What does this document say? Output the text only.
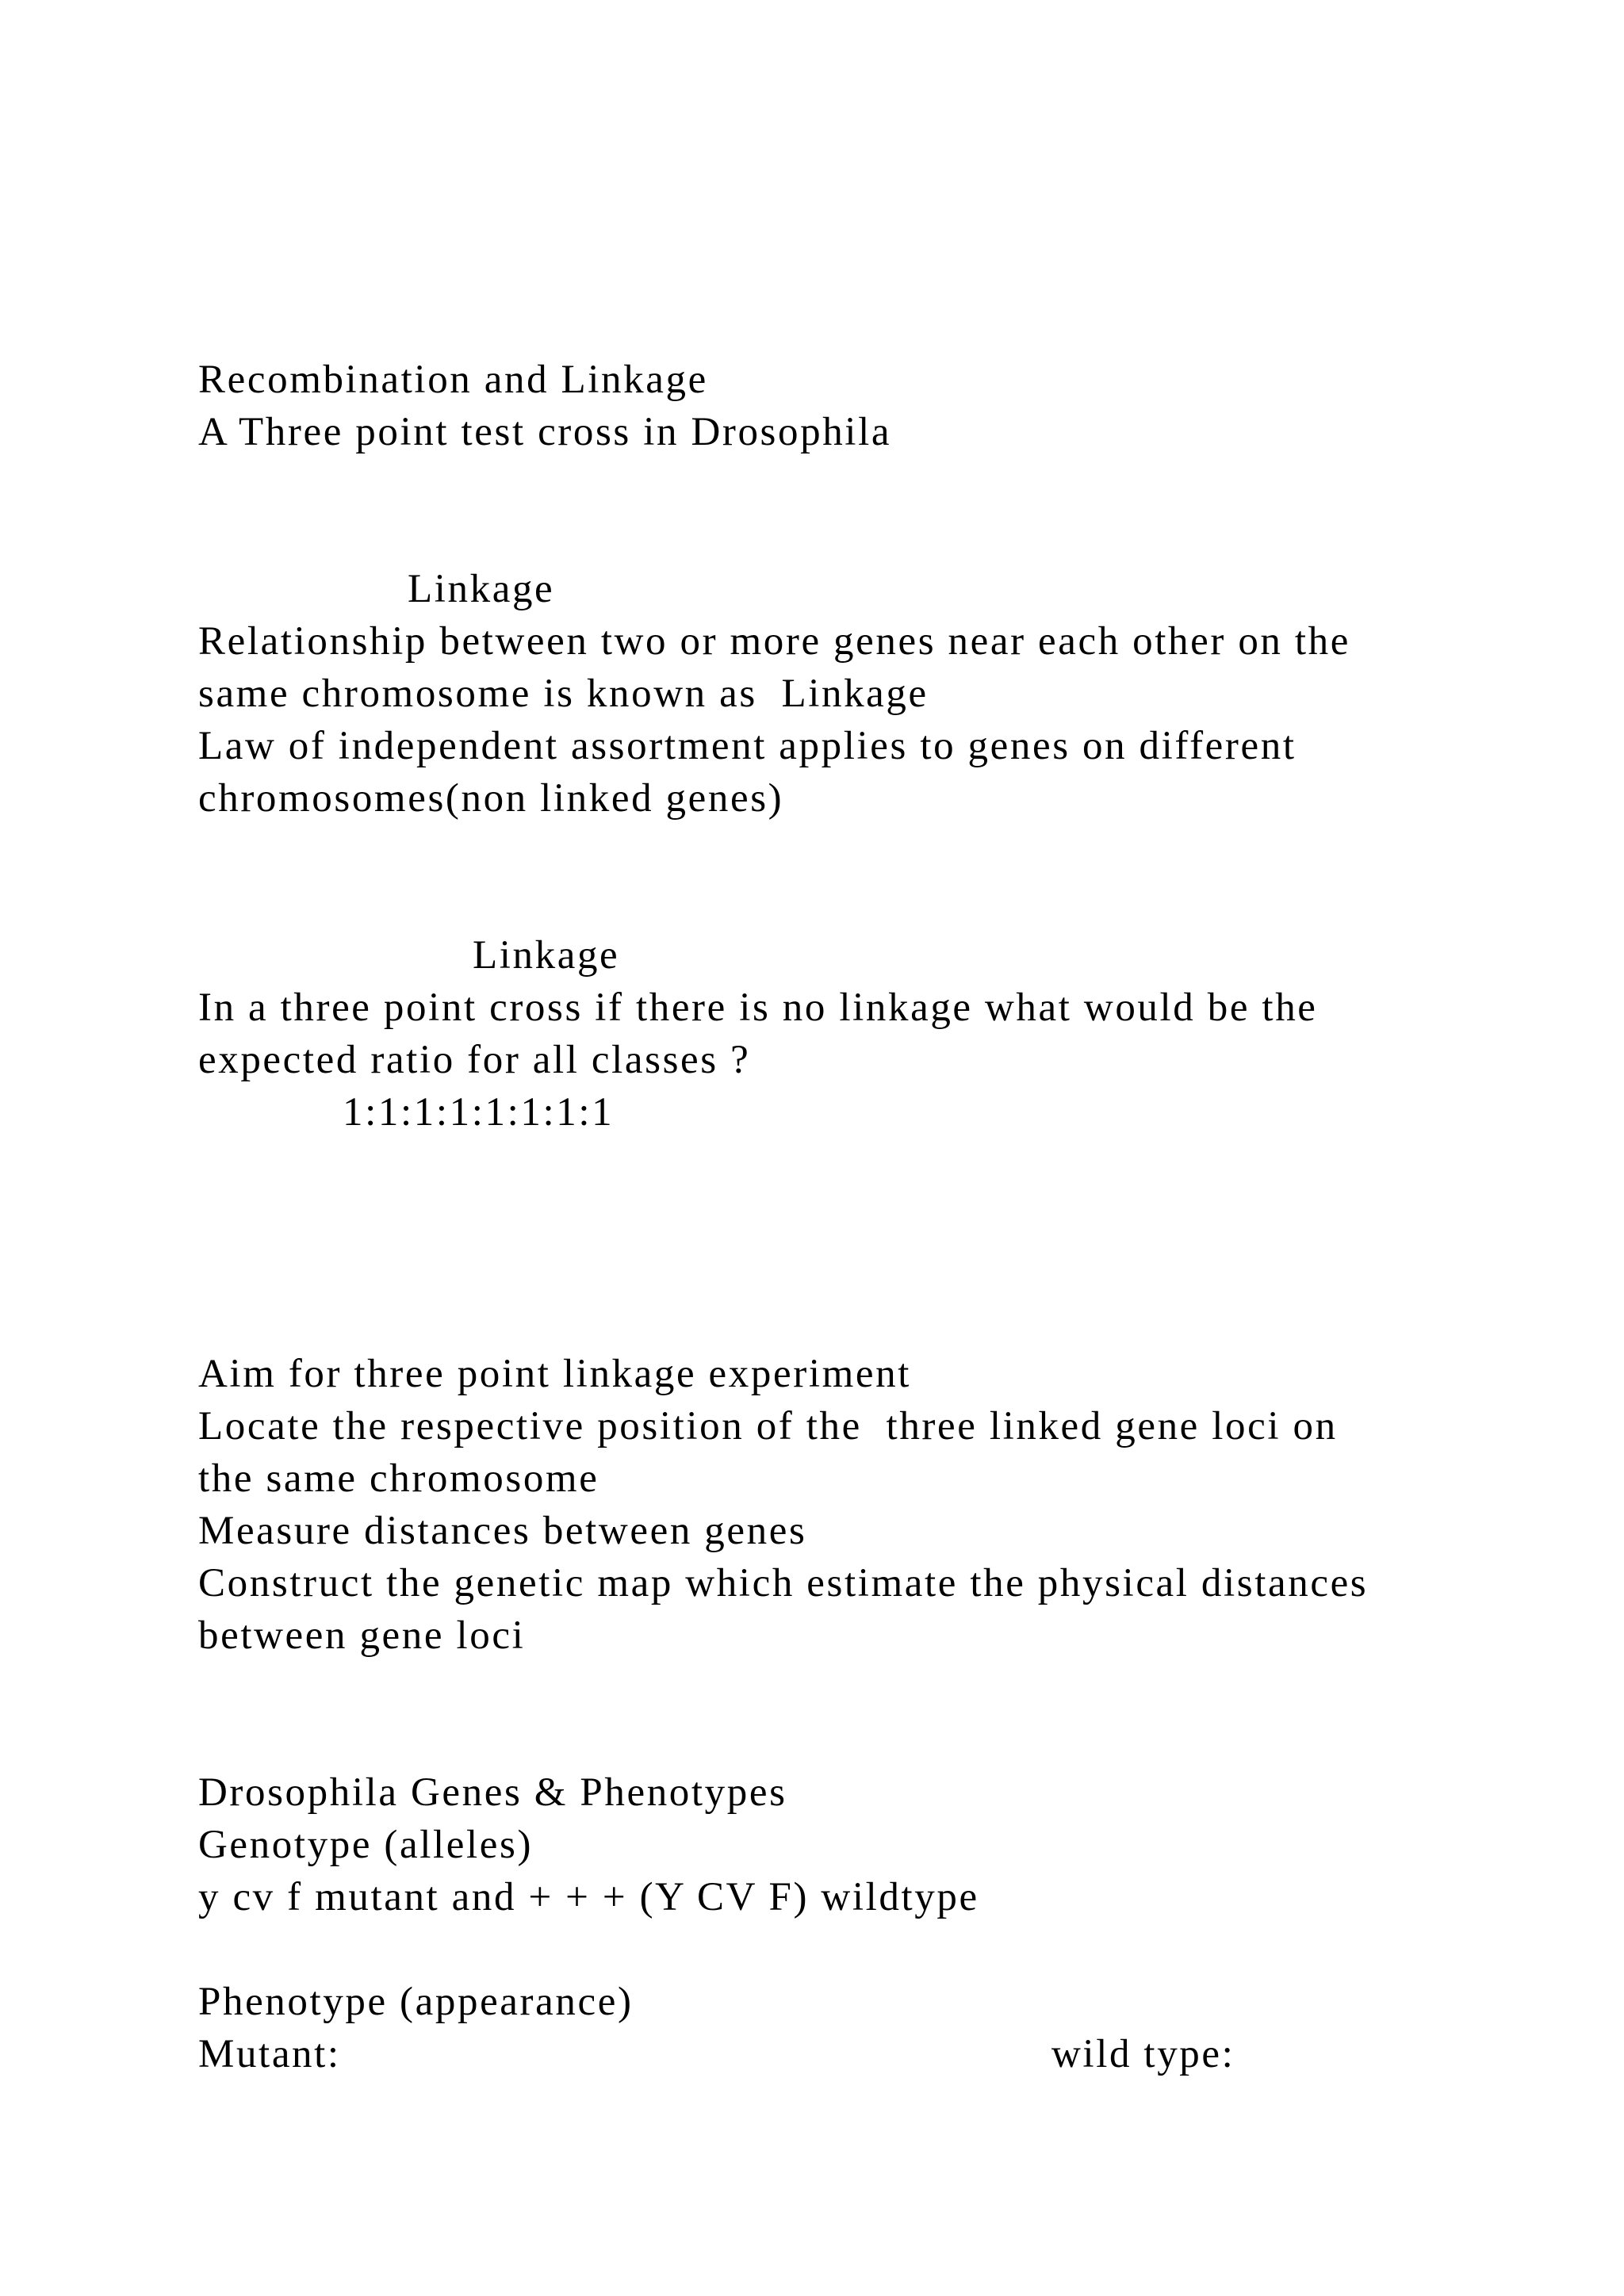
Recombination and Linkage
A Three point test cross in Drosophila
Linkage
Relationship between two or more genes near each other on the
same chromosome is known as  Linkage
Law of independent assortment applies to genes on different
chromosomes(non linked genes)
Linkage
In a three point cross if there is no linkage what would be the
expected ratio for all classes ?
1:1:1:1:1:1:1:1
Aim for three point linkage experiment
Locate the respective position of the  three linked gene loci on
the same chromosome
Measure distances between genes
Construct the genetic map which estimate the physical distances
between gene loci
Drosophila Genes & Phenotypes
Genotype (alleles)
y cv f mutant and + + + (Y CV F) wildtype
Phenotype (appearance)
Mutant:	wild type:
